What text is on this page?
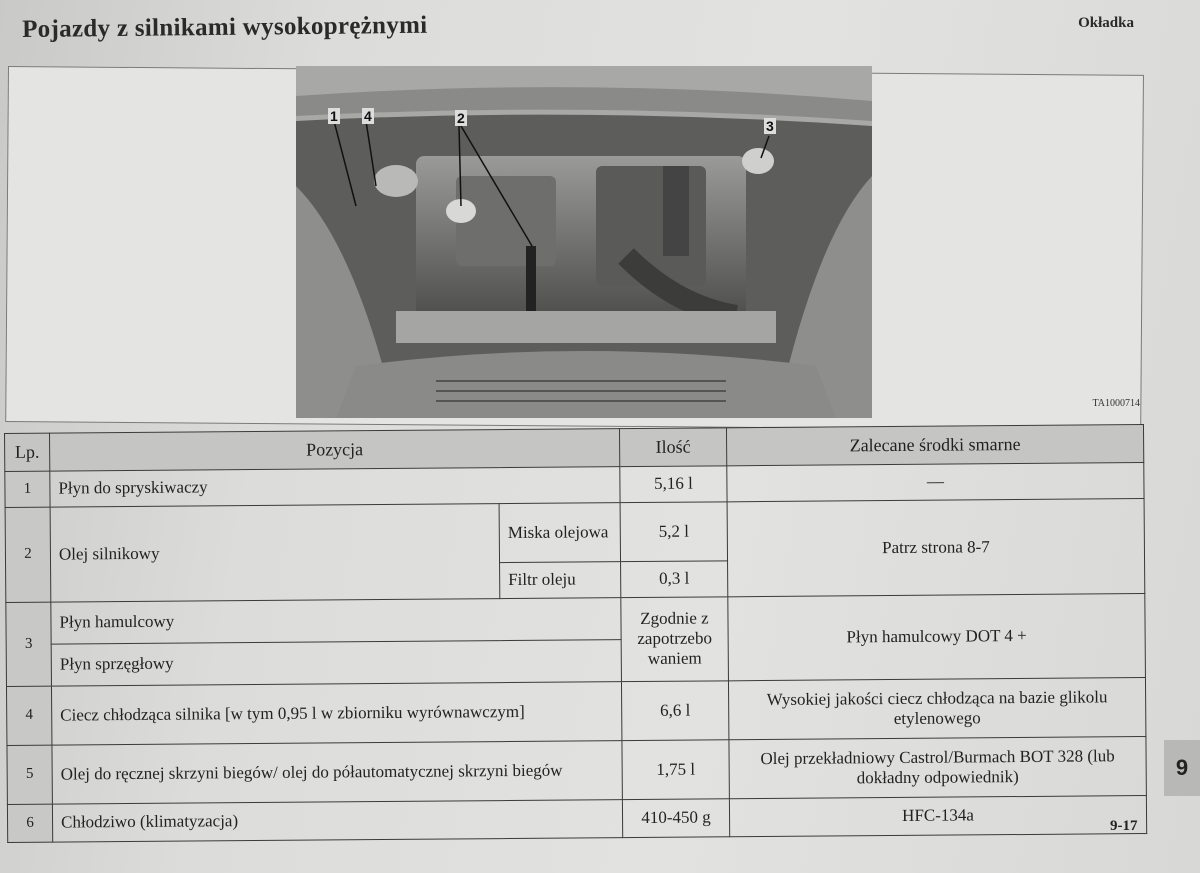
Pojazdy z silnikami wysokoprężnymi	Okładka
1 4	2	3
TA1000714
Lp.	Pozycja		Ilość	Zalecane środki smarne
1	Płyn do spryskiwaczy		5,16 l	—
2	Olej silnikowy	Miska olejowa	5,2 l	Patrz strona 8-7
		Filtr oleju	0,3 l	
3	Płyn hamulcowy		Zgodnie z zapotrzebo waniem	Płyn hamulcowy DOT 4 +
	Płyn sprzęgłowy			
4	Ciecz chłodząca silnika [w tym 0,95 l w zbiorniku wyrównawczym]		6,6 l	Wysokiej jakości ciecz chłodząca na bazie glikolu etylenowego
5	Olej do ręcznej skrzyni biegów/ olej do półautomatycznej skrzyni biegów		1,75 l	Olej przekładniowy Castrol/Burmach BOT 328 (lub dokładny odpowiednik)
6	Chłodziwo (klimatyzacja)		410-450 g	HFC-134a
9
9-17
